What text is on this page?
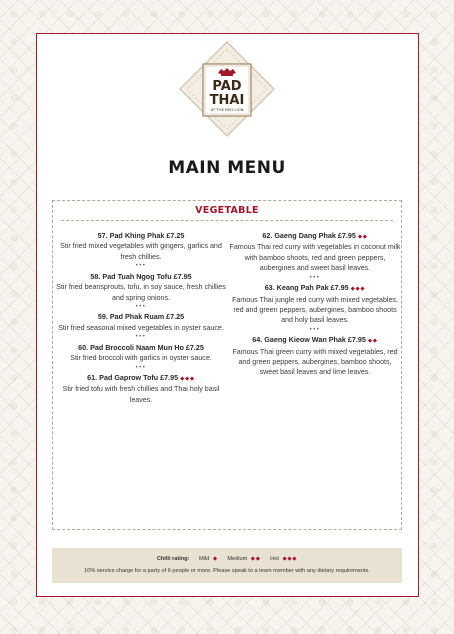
PAD
THAI
AT THE RED LION
MAIN MENU
VEGETABLE
57. Pad Khing Phak £7.25
Stir fried mixed vegetables with gingers, garlics and fresh chillies.
•••
58. Pad Tuah Ngog Tofu £7.95
Stir fried beansprouts, tofu, in soy sauce, fresh chillies and spring onions.
•••
59. Pad Phak Ruam £7.25
Stir fried seasonal mixed vegetables in oyster sauce.
•••
60. Pad Broccoli Naam Mun Ho £7.25
Stir fried broccoli with garlics in oyster sauce.
•••
61. Pad Gaprow Tofu £7.95 ◆◆◆
Stir fried tofu with fresh chillies and Thai holy basil leaves.
62. Gaeng Dang Phak £7.95 ◆◆
Famous Thai red curry with vegetables in coconut milk with bamboo shoots, red and green peppers, aubergines and sweet basil leaves.
•••
63. Keang Pah Pak £7.95 ◆◆◆
Famous Thai jungle red curry with mixed vegetables, red and green peppers, aubergines, bamboo shoots and holy basil leaves.
•••
64. Gaeng Kieow Wan Phak £7.95 ◆◆
Famous Thai green curry with mixed vegetables, red and green peppers, aubergines, bamboo shoots, sweet basil leaves and lime leaves.
Chilli rating: Mild ◆ Medium ◆◆ Hot ◆◆◆
10% service charge for a party of 6 people or more. Please speak to a team member with any dietary requirements.
